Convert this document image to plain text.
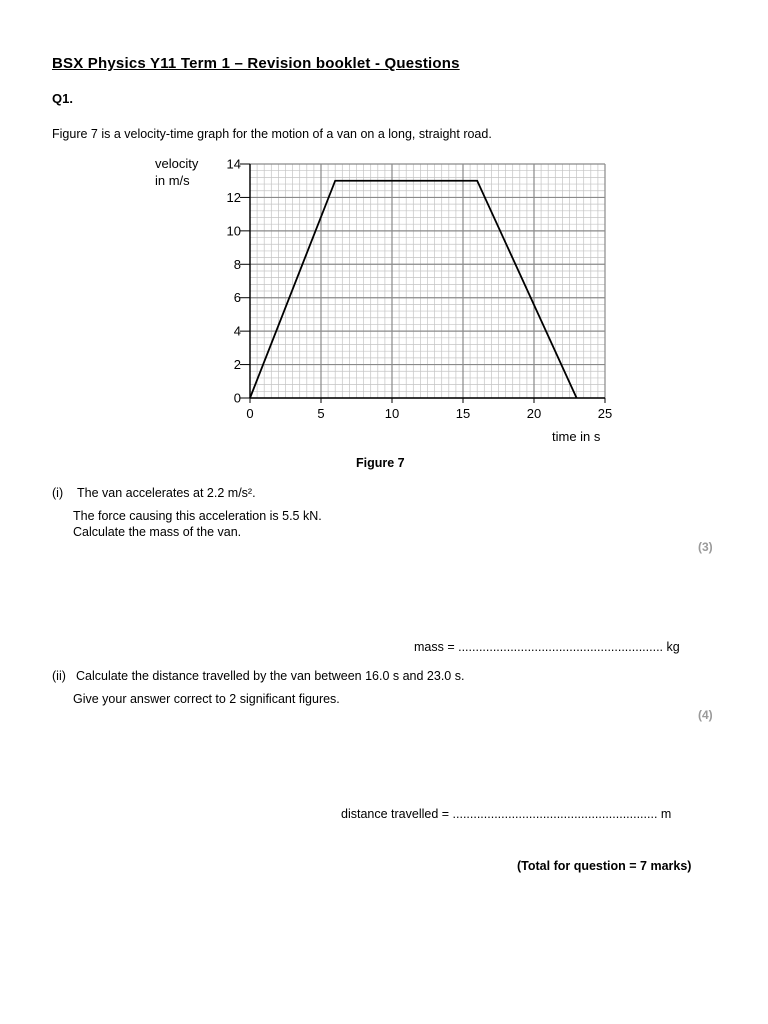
BSX Physics Y11 Term 1 – Revision booklet - Questions
Q1.
Figure 7 is a velocity-time graph for the motion of a van on a long, straight road.
0	5	10	15	20	25
0
2
4
6
8
10
12
14
velocity
in m/s
time in s
Figure 7
(i) The van accelerates at 2.2 m/s².
The force causing this acceleration is 5.5 kN.
Calculate the mass of the van.
(3)
mass = ........................................................... kg
(ii) Calculate the distance travelled by the van between 16.0 s and 23.0 s.
Give your answer correct to 2 significant figures.
(4)
distance travelled = ........................................................... m
(Total for question = 7 marks)
